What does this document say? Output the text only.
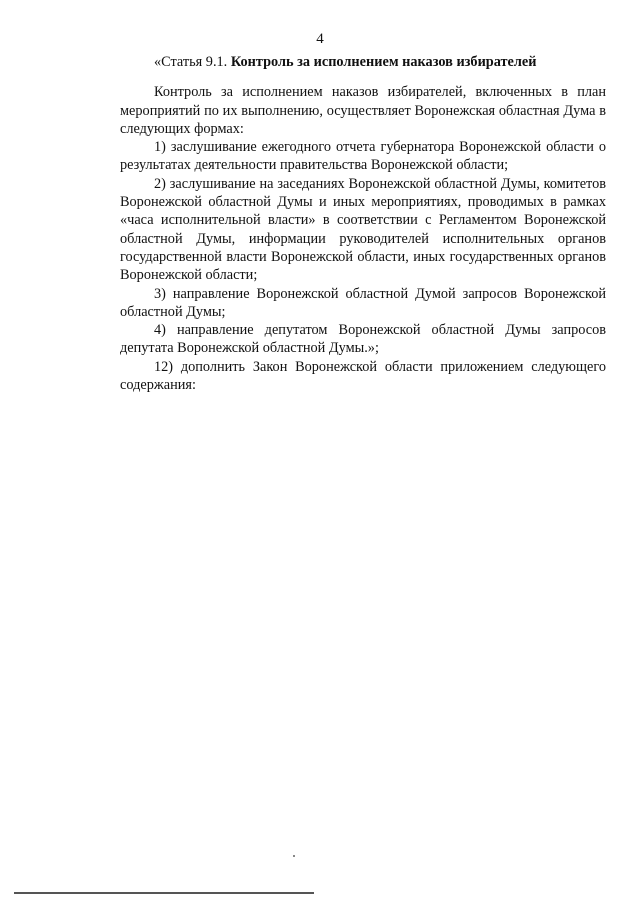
4

«Статья 9.1. Контроль за исполнением наказов избирателей

Контроль за исполнением наказов избирателей, включенных в план мероприятий по их выполнению, осуществляет Воронежская областная Дума в следующих формах:

1) заслушивание ежегодного отчета губернатора Воронежской области о результатах деятельности правительства Воронежской области;

2) заслушивание на заседаниях Воронежской областной Думы, комитетов Воронежской областной Думы и иных мероприятиях, проводимых в рамках «часа исполнительной власти» в соответствии с Регламентом Воронежской областной Думы, информации руководителей исполнительных органов государственной власти Воронежской области, иных государственных органов Воронежской области;

3) направление Воронежской областной Думой запросов Воронежской областной Думы;

4) направление депутатом Воронежской областной Думы запросов депутата Воронежской областной Думы.»;

12) дополнить Закон Воронежской области приложением следующего содержания:
